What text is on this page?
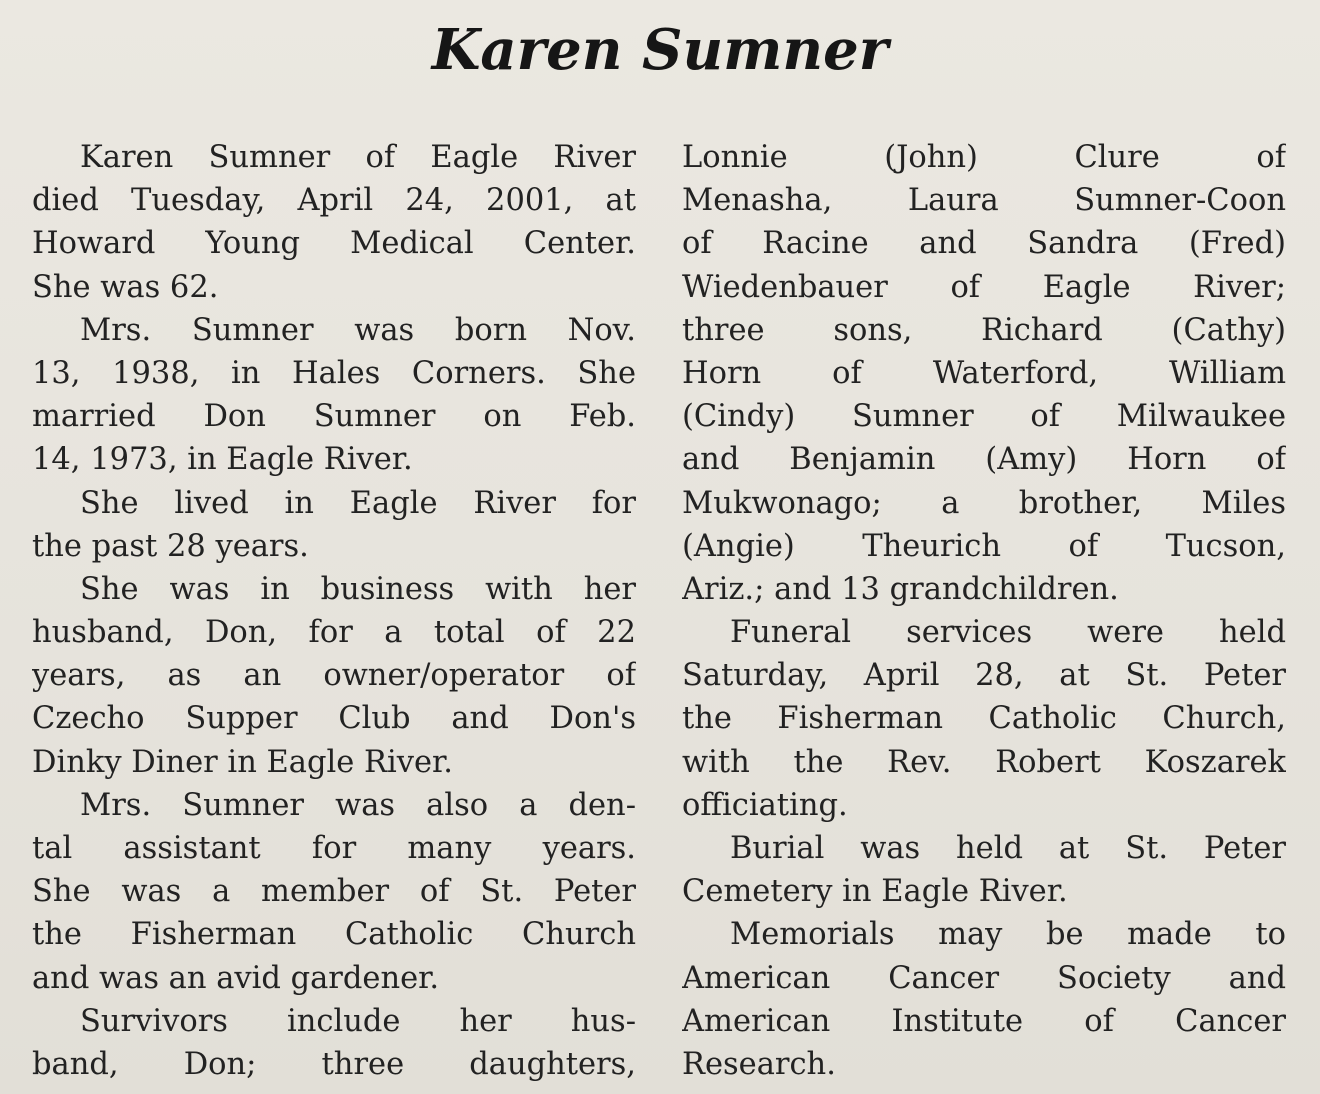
Karen Sumner
Karen Sumner of Eagle River
died Tuesday, April 24, 2001, at
Howard Young Medical Center.
She was 62.
Mrs. Sumner was born Nov.
13, 1938, in Hales Corners. She
married Don Sumner on Feb.
14, 1973, in Eagle River.
She lived in Eagle River for
the past 28 years.
She was in business with her
husband, Don, for a total of 22
years, as an owner/operator of
Czecho Supper Club and Don's
Dinky Diner in Eagle River.
Mrs. Sumner was also a den-
tal assistant for many years.
She was a member of St. Peter
the Fisherman Catholic Church
and was an avid gardener.
Survivors include her hus-
band, Don; three daughters,
Lonnie (John) Clure of
Menasha, Laura Sumner-Coon
of Racine and Sandra (Fred)
Wiedenbauer of Eagle River;
three sons, Richard (Cathy)
Horn of Waterford, William
(Cindy) Sumner of Milwaukee
and Benjamin (Amy) Horn of
Mukwonago; a brother, Miles
(Angie) Theurich of Tucson,
Ariz.; and 13 grandchildren.
Funeral services were held
Saturday, April 28, at St. Peter
the Fisherman Catholic Church,
with the Rev. Robert Koszarek
officiating.
Burial was held at St. Peter
Cemetery in Eagle River.
Memorials may be made to
American Cancer Society and
American Institute of Cancer
Research.
